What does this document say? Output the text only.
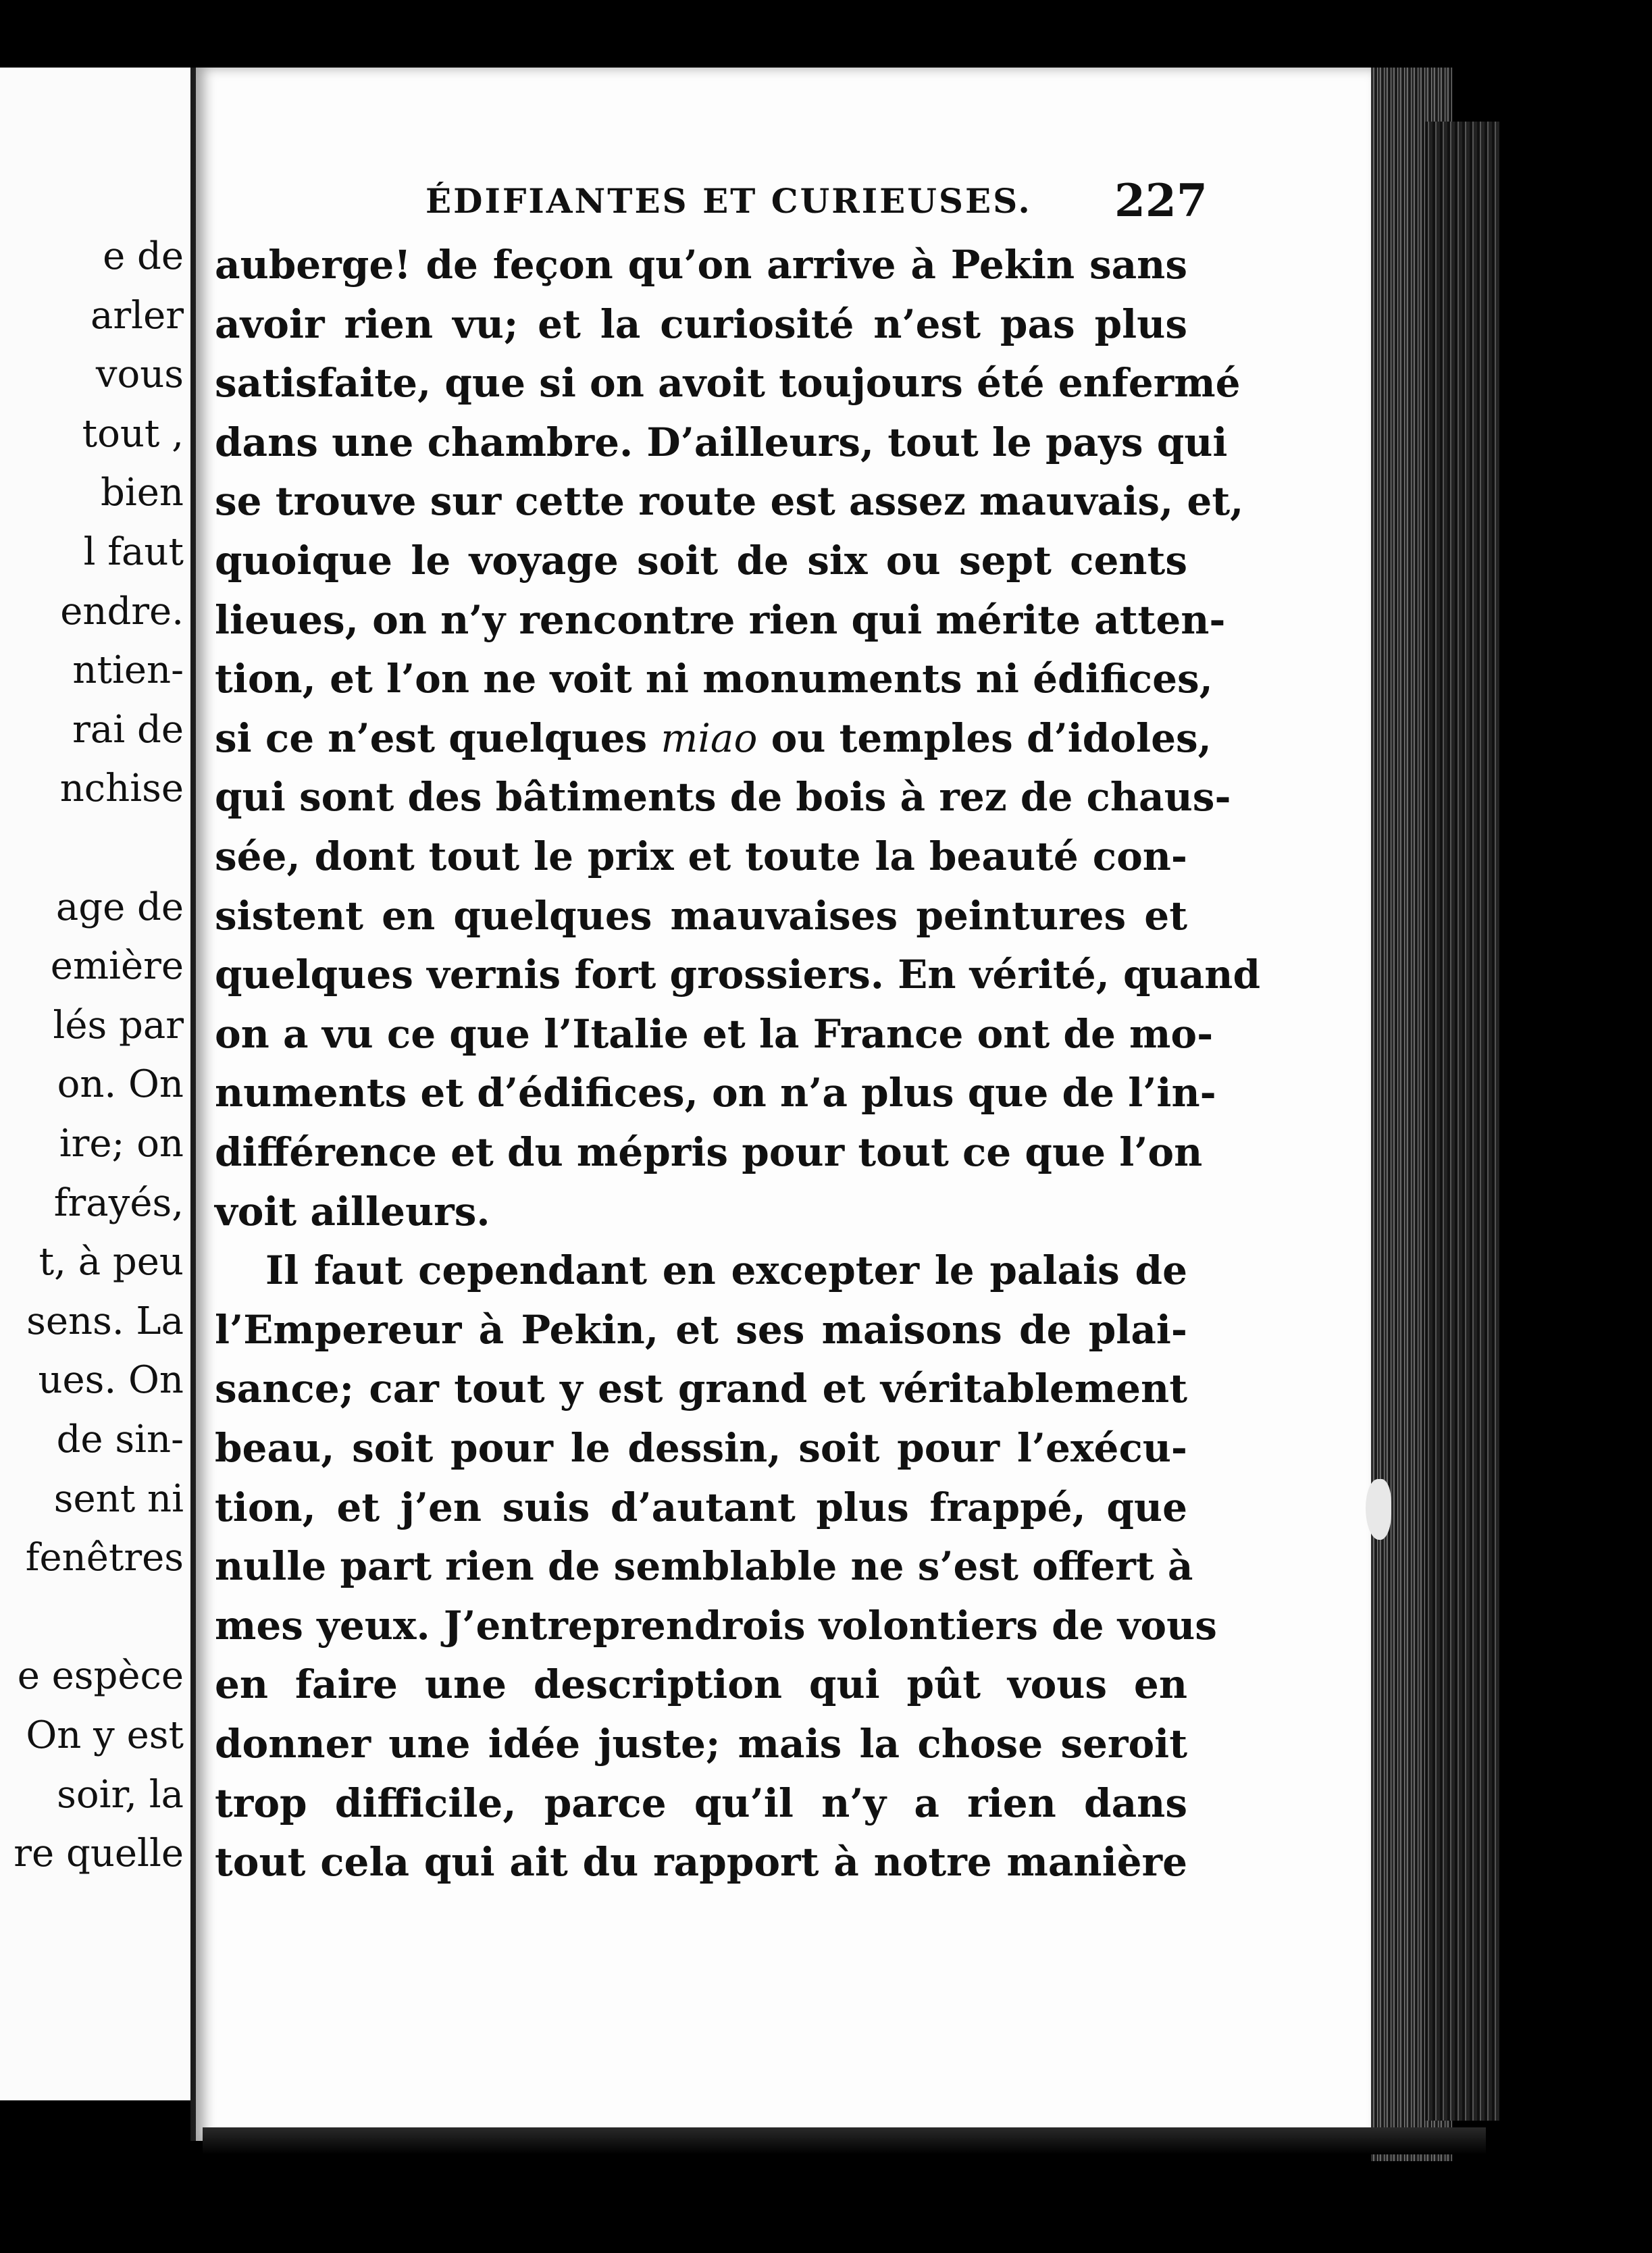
e de
arler
vous
tout ,
bien
l faut
endre.
ntien-
rai de
nchise
age de
emière
lés par
on. On
ire; on
frayés,
t, à peu
sens. La
ues. On
de sin-
sent ni
fenêtres
e espèce
On y est
soir, la
re quelle
ÉDIFIANTES ET CURIEUSES. 227
auberge! de feçon qu’on arrive à Pekin sans
avoir rien vu; et la curiosité n’est pas plus
satisfaite, que si on avoit toujours été enfermé
dans une chambre. D’ailleurs, tout le pays qui
se trouve sur cette route est assez mauvais, et,
quoique le voyage soit de six ou sept cents
lieues, on n’y rencontre rien qui mérite atten-
tion, et l’on ne voit ni monuments ni édifices,
si ce n’est quelques miao ou temples d’idoles,
qui sont des bâtiments de bois à rez de chaus-
sée, dont tout le prix et toute la beauté con-
sistent en quelques mauvaises peintures et
quelques vernis fort grossiers. En vérité, quand
on a vu ce que l’Italie et la France ont de mo-
numents et d’édifices, on n’a plus que de l’in-
différence et du mépris pour tout ce que l’on
voit ailleurs.
Il faut cependant en excepter le palais de
l’Empereur à Pekin, et ses maisons de plai-
sance; car tout y est grand et véritablement
beau, soit pour le dessin, soit pour l’exécu-
tion, et j’en suis d’autant plus frappé, que
nulle part rien de semblable ne s’est offert à
mes yeux. J’entreprendrois volontiers de vous
en faire une description qui pût vous en
donner une idée juste; mais la chose seroit
trop difficile, parce qu’il n’y a rien dans
tout cela qui ait du rapport à notre manière
